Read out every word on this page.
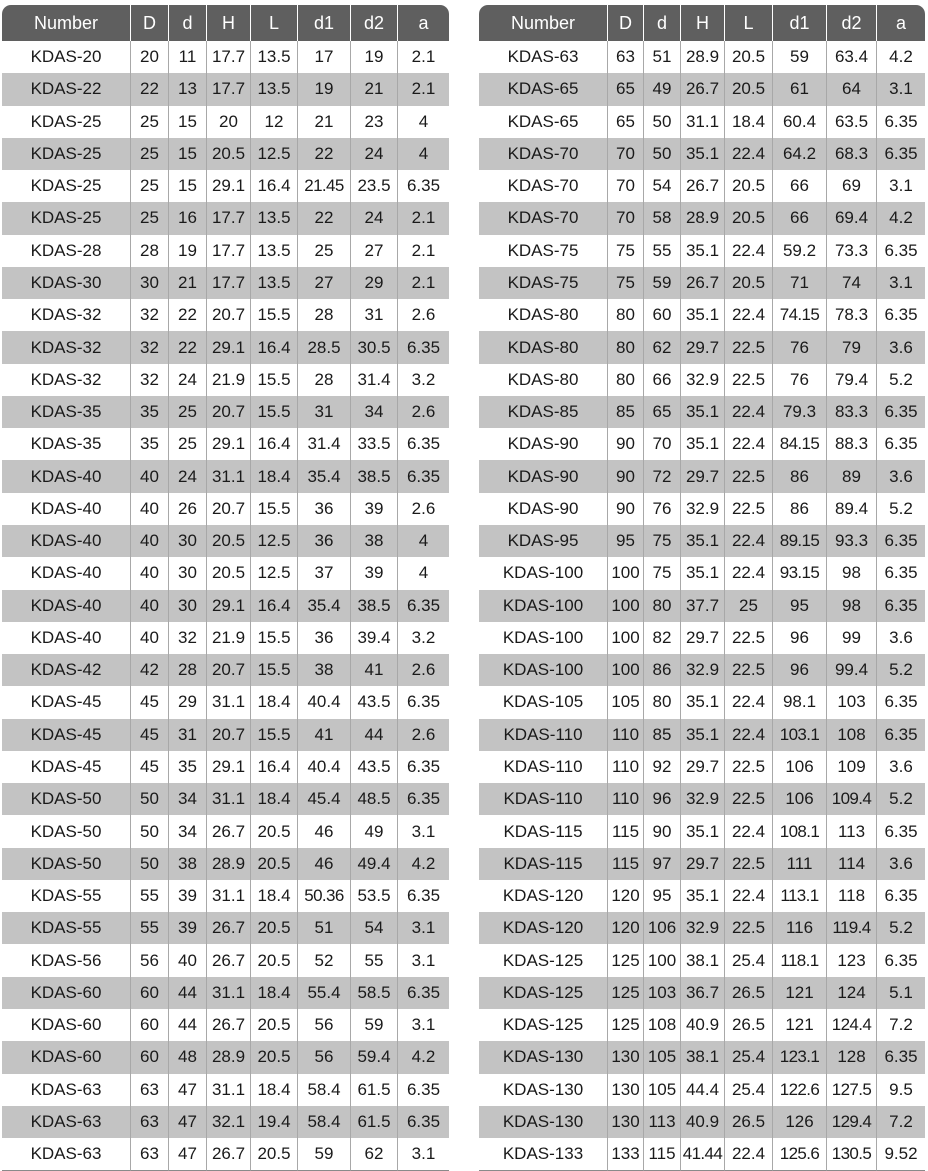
Number	D	d	H	L	d1	d2	a
KDAS-20	20	11	17.7	13.5	17	19	2.1
KDAS-22	22	13	17.7	13.5	19	21	2.1
KDAS-25	25	15	20	12	21	23	4
KDAS-25	25	15	20.5	12.5	22	24	4
KDAS-25	25	15	29.1	16.4	21.45	23.5	6.35
KDAS-25	25	16	17.7	13.5	22	24	2.1
KDAS-28	28	19	17.7	13.5	25	27	2.1
KDAS-30	30	21	17.7	13.5	27	29	2.1
KDAS-32	32	22	20.7	15.5	28	31	2.6
KDAS-32	32	22	29.1	16.4	28.5	30.5	6.35
KDAS-32	32	24	21.9	15.5	28	31.4	3.2
KDAS-35	35	25	20.7	15.5	31	34	2.6
KDAS-35	35	25	29.1	16.4	31.4	33.5	6.35
KDAS-40	40	24	31.1	18.4	35.4	38.5	6.35
KDAS-40	40	26	20.7	15.5	36	39	2.6
KDAS-40	40	30	20.5	12.5	36	38	4
KDAS-40	40	30	20.5	12.5	37	39	4
KDAS-40	40	30	29.1	16.4	35.4	38.5	6.35
KDAS-40	40	32	21.9	15.5	36	39.4	3.2
KDAS-42	42	28	20.7	15.5	38	41	2.6
KDAS-45	45	29	31.1	18.4	40.4	43.5	6.35
KDAS-45	45	31	20.7	15.5	41	44	2.6
KDAS-45	45	35	29.1	16.4	40.4	43.5	6.35
KDAS-50	50	34	31.1	18.4	45.4	48.5	6.35
KDAS-50	50	34	26.7	20.5	46	49	3.1
KDAS-50	50	38	28.9	20.5	46	49.4	4.2
KDAS-55	55	39	31.1	18.4	50.36	53.5	6.35
KDAS-55	55	39	26.7	20.5	51	54	3.1
KDAS-56	56	40	26.7	20.5	52	55	3.1
KDAS-60	60	44	31.1	18.4	55.4	58.5	6.35
KDAS-60	60	44	26.7	20.5	56	59	3.1
KDAS-60	60	48	28.9	20.5	56	59.4	4.2
KDAS-63	63	47	31.1	18.4	58.4	61.5	6.35
KDAS-63	63	47	32.1	19.4	58.4	61.5	6.35
KDAS-63	63	47	26.7	20.5	59	62	3.1
Number	D	d	H	L	d1	d2	a
KDAS-63	63	51	28.9	20.5	59	63.4	4.2
KDAS-65	65	49	26.7	20.5	61	64	3.1
KDAS-65	65	50	31.1	18.4	60.4	63.5	6.35
KDAS-70	70	50	35.1	22.4	64.2	68.3	6.35
KDAS-70	70	54	26.7	20.5	66	69	3.1
KDAS-70	70	58	28.9	20.5	66	69.4	4.2
KDAS-75	75	55	35.1	22.4	59.2	73.3	6.35
KDAS-75	75	59	26.7	20.5	71	74	3.1
KDAS-80	80	60	35.1	22.4	74.15	78.3	6.35
KDAS-80	80	62	29.7	22.5	76	79	3.6
KDAS-80	80	66	32.9	22.5	76	79.4	5.2
KDAS-85	85	65	35.1	22.4	79.3	83.3	6.35
KDAS-90	90	70	35.1	22.4	84.15	88.3	6.35
KDAS-90	90	72	29.7	22.5	86	89	3.6
KDAS-90	90	76	32.9	22.5	86	89.4	5.2
KDAS-95	95	75	35.1	22.4	89.15	93.3	6.35
KDAS-100	100	75	35.1	22.4	93.15	98	6.35
KDAS-100	100	80	37.7	25	95	98	6.35
KDAS-100	100	82	29.7	22.5	96	99	3.6
KDAS-100	100	86	32.9	22.5	96	99.4	5.2
KDAS-105	105	80	35.1	22.4	98.1	103	6.35
KDAS-110	110	85	35.1	22.4	103.1	108	6.35
KDAS-110	110	92	29.7	22.5	106	109	3.6
KDAS-110	110	96	32.9	22.5	106	109.4	5.2
KDAS-115	115	90	35.1	22.4	108.1	113	6.35
KDAS-115	115	97	29.7	22.5	111	114	3.6
KDAS-120	120	95	35.1	22.4	113.1	118	6.35
KDAS-120	120	106	32.9	22.5	116	119.4	5.2
KDAS-125	125	100	38.1	25.4	118.1	123	6.35
KDAS-125	125	103	36.7	26.5	121	124	5.1
KDAS-125	125	108	40.9	26.5	121	124.4	7.2
KDAS-130	130	105	38.1	25.4	123.1	128	6.35
KDAS-130	130	105	44.4	25.4	122.6	127.5	9.5
KDAS-130	130	113	40.9	26.5	126	129.4	7.2
KDAS-133	133	115	41.44	22.4	125.6	130.5	9.52
